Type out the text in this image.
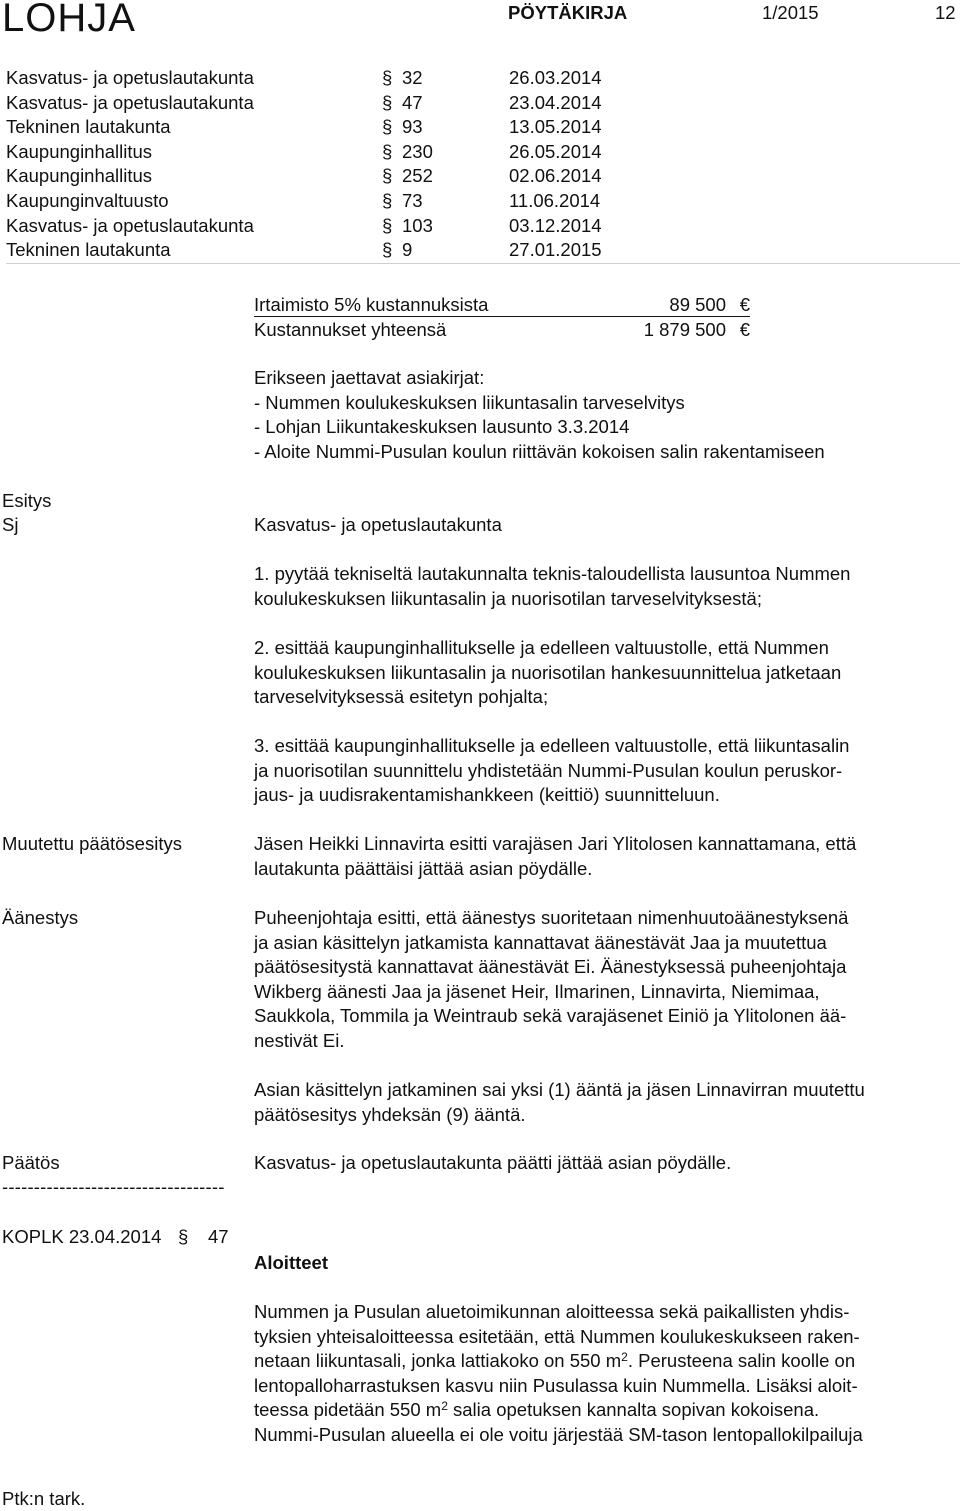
LOHJA	PÖYTÄKIRJA	1/2015	12
Kasvatus- ja opetuslautakunta	§ 32	26.03.2014
Kasvatus- ja opetuslautakunta	§ 47	23.04.2014
Tekninen lautakunta	§ 93	13.05.2014
Kaupunginhallitus	§ 230	26.05.2014
Kaupunginhallitus	§ 252	02.06.2014
Kaupunginvaltuusto	§ 73	11.06.2014
Kasvatus- ja opetuslautakunta	§ 103	03.12.2014
Tekninen lautakunta	§ 9	27.01.2015
Irtaimisto 5% kustannuksista	89 500 €
Kustannukset yhteensä	1 879 500 €
Erikseen jaettavat asiakirjat:
- Nummen koulukeskuksen liikuntasalin tarveselvitys
- Lohjan Liikuntakeskuksen lausunto 3.3.2014
- Aloite Nummi-Pusulan koulun riittävän kokoisen salin rakentamiseen
Esitys
Sj	Kasvatus- ja opetuslautakunta
1. pyytää tekniseltä lautakunnalta teknis-taloudellista lausuntoa Nummen
koulukeskuksen liikuntasalin ja nuorisotilan tarveselvityksestä;
2. esittää kaupunginhallitukselle ja edelleen valtuustolle, että Nummen
koulukeskuksen liikuntasalin ja nuorisotilan hankesuunnittelua jatketaan
tarveselvityksessä esitetyn pohjalta;
3. esittää kaupunginhallitukselle ja edelleen valtuustolle, että liikuntasalin
ja nuorisotilan suunnittelu yhdistetään Nummi-Pusulan koulun peruskor-
jaus- ja uudisrakentamishankkeen (keittiö) suunnitteluun.
Muutettu päätösesitys	Jäsen Heikki Linnavirta esitti varajäsen Jari Ylitolosen kannattamana, että
lautakunta päättäisi jättää asian pöydälle.
Äänestys	Puheenjohtaja esitti, että äänestys suoritetaan nimenhuutoäänestyksenä
ja asian käsittelyn jatkamista kannattavat äänestävät Jaa ja muutettua
päätösesitystä kannattavat äänestävät Ei. Äänestyksessä puheenjohtaja
Wikberg äänesti Jaa ja jäsenet Heir, Ilmarinen, Linnavirta, Niemimaa,
Saukkola, Tommila ja Weintraub sekä varajäsenet Einiö ja Ylitolonen ää-
nestivät Ei.
Asian käsittelyn jatkaminen sai yksi (1) ääntä ja jäsen Linnavirran muutettu
päätösesitys yhdeksän (9) ääntä.
Päätös	Kasvatus- ja opetuslautakunta päätti jättää asian pöydälle.
-----------------------------------
KOPLK 23.04.2014 § 47
Aloitteet
Nummen ja Pusulan aluetoimikunnan aloitteessa sekä paikallisten yhdis-
tyksien yhteisaloitteessa esitetään, että Nummen koulukeskukseen raken-
netaan liikuntasali, jonka lattiakoko on 550 $m^2$. Perusteena salin koolle on
lentopalloharrastuksen kasvu niin Pusulassa kuin Nummella. Lisäksi aloit-
teessa pidetään 550 $m^2$ salia opetuksen kannalta sopivan kokoisena.
Nummi-Pusulan alueella ei ole voitu järjestää SM-tason lentopallokilpailuja
Ptk:n tark.
